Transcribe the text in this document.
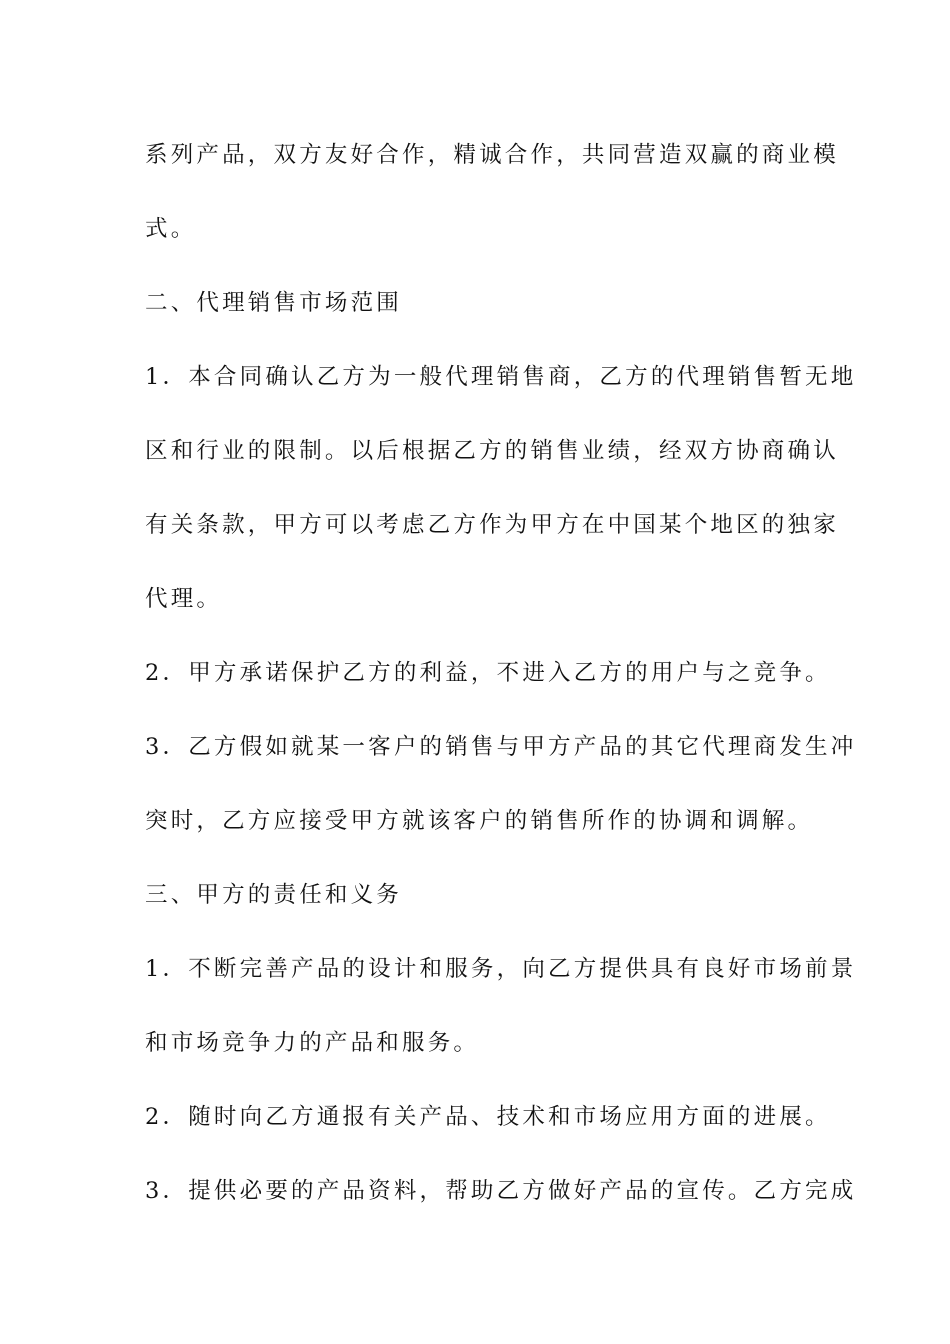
系列产品，双方友好合作，精诚合作，共同营造双赢的商业模
式。
二、代理销售市场范围
1．本合同确认乙方为一般代理销售商，乙方的代理销售暂无地
区和行业的限制。以后根据乙方的销售业绩，经双方协商确认
有关条款，甲方可以考虑乙方作为甲方在中国某个地区的独家
代理。
2．甲方承诺保护乙方的利益，不进入乙方的用户与之竞争。
3．乙方假如就某一客户的销售与甲方产品的其它代理商发生冲
突时，乙方应接受甲方就该客户的销售所作的协调和调解。
三、甲方的责任和义务
1．不断完善产品的设计和服务，向乙方提供具有良好市场前景
和市场竞争力的产品和服务。
2．随时向乙方通报有关产品、技术和市场应用方面的进展。
3．提供必要的产品资料，帮助乙方做好产品的宣传。乙方完成
